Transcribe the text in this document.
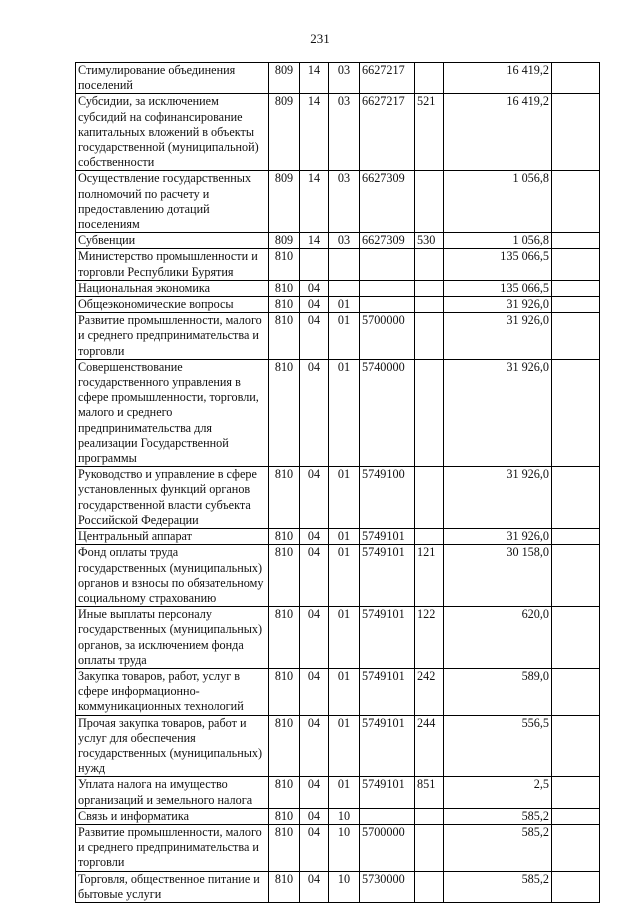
231
Стимулирование объединения поселений	809	14	03	6627217		16 419,2	
Субсидии, за исключением субсидий на софинансирование капитальных вложений в объекты государственной (муниципальной) собственности	809	14	03	6627217	521	16 419,2	
Осуществление государственных полномочий по расчету и предоставлению дотаций поселениям	809	14	03	6627309		1 056,8	
Субвенции	809	14	03	6627309	530	1 056,8	
Министерство промышленности и торговли Республики Бурятия	810					135 066,5	
Национальная экономика	810	04				135 066,5	
Общеэкономические вопросы	810	04	01			31 926,0	
Развитие промышленности, малого и среднего предпринимательства и торговли	810	04	01	5700000		31 926,0	
Совершенствование государственного управления в сфере промышленности, торговли, малого и среднего предпринимательства для реализации Государственной программы	810	04	01	5740000		31 926,0	
Руководство и управление в сфере установленных функций органов государственной власти субъекта Российской Федерации	810	04	01	5749100		31 926,0	
Центральный аппарат	810	04	01	5749101		31 926,0	
Фонд оплаты труда государственных (муниципальных) органов и взносы по обязательному социальному страхованию	810	04	01	5749101	121	30 158,0	
Иные выплаты персоналу государственных (муниципальных) органов, за исключением фонда оплаты труда	810	04	01	5749101	122	620,0	
Закупка товаров, работ, услуг в сфере информационно-коммуникационных технологий	810	04	01	5749101	242	589,0	
Прочая закупка товаров, работ и услуг для обеспечения государственных (муниципальных) нужд	810	04	01	5749101	244	556,5	
Уплата налога на имущество организаций и земельного налога	810	04	01	5749101	851	2,5	
Связь и информатика	810	04	10			585,2	
Развитие промышленности, малого и среднего предпринимательства и торговли	810	04	10	5700000		585,2	
Торговля, общественное питание и бытовые услуги	810	04	10	5730000		585,2	
